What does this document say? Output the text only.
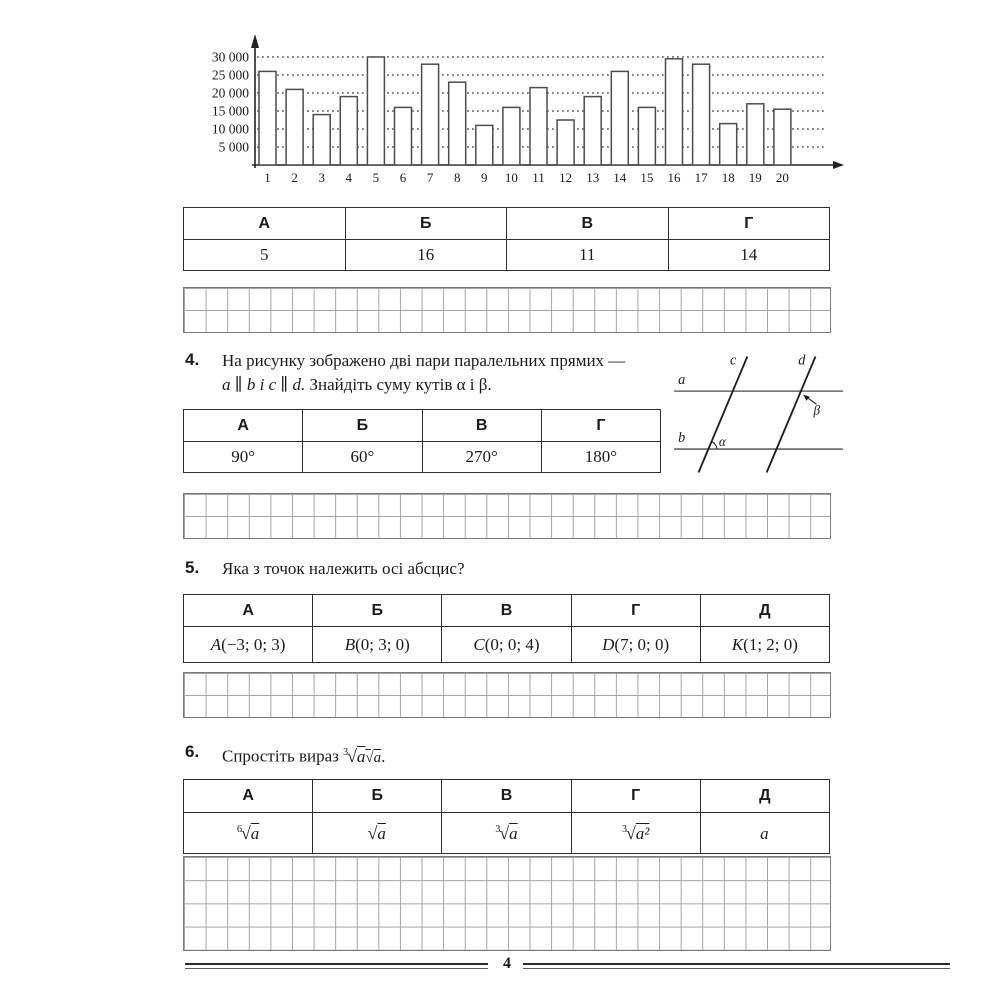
5 000
10 000
15 000
20 000
25 000
30 000
1 2 3 4 5 6 7 8 9 10 11 12 13 14 15 16 17 18 19 20
А	Б	В	Г
5	16	11	14
4. На рисунку зображено дві пари паралельних прямих —
a ∥ b і c ∥ d. Знайдіть суму кутів α і β.	a
b
c	d
α
β
А	Б	В	Г
90°	60°	270°	180°
5. Яка з точок належить осі абсцис?
А	Б	В	Г	Д
A(−3; 0; 3)	B(0; 3; 0)	C(0; 0; 4)	D(7; 0; 0)	K(1; 2; 0)
6. Спростіть вираз $^3$√a√a.
А	Б	В	Г	Д
$^6$√a	√a	$^3$√a	$^3$√a²	a
4
